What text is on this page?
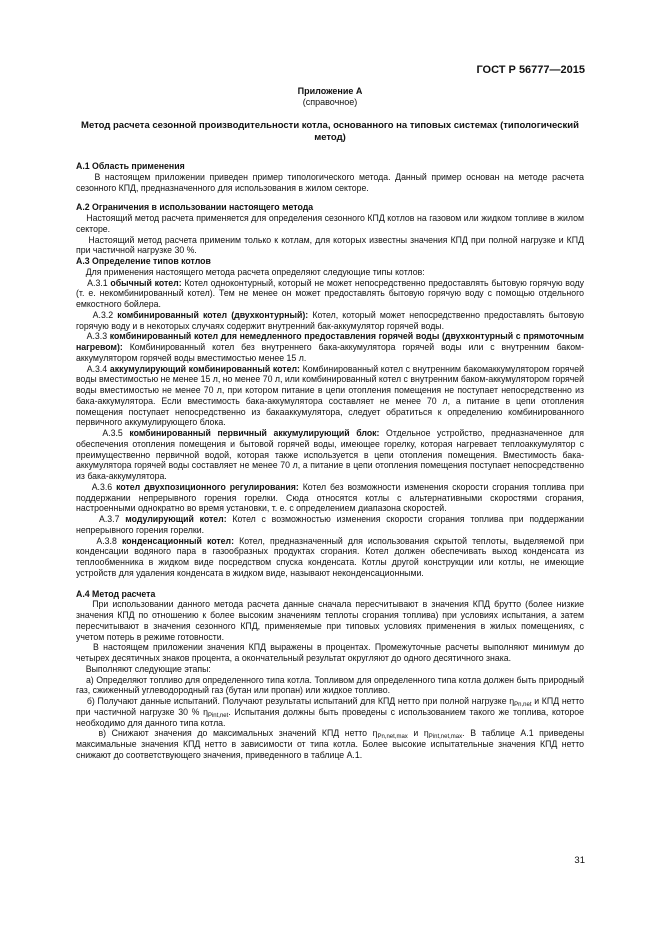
ГОСТ Р 56777—2015

Приложение А

(справочное)

Метод расчета сезонной производительности котла, основанного на типовых системах (типологический метод)

А.1 Область применения

В настоящем приложении приведен пример типологического метода. Данный пример основан на методе расчета сезонного КПД, предназначенного для использования в жилом секторе.

А.2 Ограничения в использовании настоящего метода

Настоящий метод расчета применяется для определения сезонного КПД котлов на газовом или жидком топливе в жилом секторе.

Настоящий метод расчета применим только к котлам, для которых известны значения КПД при полной нагрузке и КПД при частичной нагрузке 30 %.

А.3 Определение типов котлов

Для применения настоящего метода расчета определяют следующие типы котлов:

А.3.1 обычный котел: Котел одноконтурный, который не может непосредственно предоставлять бытовую горячую воду (т. е. некомбинированный котел). Тем не менее он может предоставлять бытовую горячую воду с помощью отдельного емкостного бойлера.

А.3.2 комбинированный котел (двухконтурный): Котел, который может непосредственно предоставлять бытовую горячую воду и в некоторых случаях содержит внутренний бак-аккумулятор горячей воды.

А.3.3 комбинированный котел для немедленного предоставления горячей воды (двухконтурный с прямоточным нагревом): Комбинированный котел без внутреннего бака-аккумулятора горячей воды или с внутренним баком-аккумулятором горячей воды вместимостью менее 15 л.

А.3.4 аккумулирующий комбинированный котел: Комбинированный котел с внутренним бакомаккумулятором горячей воды вместимостью не менее 15 л, но менее 70 л, или комбинированный котел с внутренним баком-аккумулятором горячей воды вместимостью не менее 70 л, при котором питание в цепи отопления помещения не поступает непосредственно из бака-аккумулятора. Если вместимость бака-аккумулятора составляет не менее 70 л, а питание в цепи отопления помещения поступает непосредственно из бакааккумулятора, следует обратиться к определению комбинированного первичного аккумулирующего блока.

А.3.5 комбинированный первичный аккумулирующий блок: Отдельное устройство, предназначенное для обеспечения отопления помещения и бытовой горячей воды, имеющее горелку, которая нагревает теплоаккумулятор с преимущественно первичной водой, которая также используется в цепи отопления помещения. Вместимость бака-аккумулятора горячей воды составляет не менее 70 л, а питание в цепи отопления помещения поступает непосредственно из бака-аккумулятора.

А.3.6 котел двухпозиционного регулирования: Котел без возможности изменения скорости сгорания топлива при поддержании непрерывного горения горелки. Сюда относятся котлы с альтернативными скоростями сгорания, настроенными однократно во время установки, т. е. с определением диапазона скоростей.

А.3.7 модулирующий котел: Котел с возможностью изменения скорости сгорания топлива при поддержании непрерывного горения горелки.

А.3.8 конденсационный котел: Котел, предназначенный для использования скрытой теплоты, выделяемой при конденсации водяного пара в газообразных продуктах сгорания. Котел должен обеспечивать выход конденсата из теплообменника в жидком виде посредством спуска конденсата. Котлы другой конструкции или котлы, не имеющие устройств для удаления конденсата в жидком виде, называют неконденсационными.

А.4 Метод расчета

При использовании данного метода расчета данные сначала пересчитывают в значения КПД брутто (более низкие значения КПД по отношению к более высоким значениям теплоты сгорания топлива) при условиях испытания, а затем пересчитывают в значения сезонного КПД, применяемые при типовых условиях применения в жилых помещениях, с учетом потерь в режиме готовности.

В настоящем приложении значения КПД выражены в процентах. Промежуточные расчеты выполняют минимум до четырех десятичных знаков процента, а окончательный результат округляют до одного десятичного знака.

Выполняют следующие этапы:

а) Определяют топливо для определенного типа котла. Топливом для определенного типа котла должен быть природный газ, сжиженный углеводородный газ (бутан или пропан) или жидкое топливо.

б) Получают данные испытаний. Получают результаты испытаний для КПД нетто при полной нагрузке $\eta_{Pn,net}$ и КПД нетто при частичной нагрузке 30 % $\eta_{Pint,net}$. Испытания должны быть проведены с использованием такого же топлива, которое необходимо для данного типа котла.

в) Снижают значения до максимальных значений КПД нетто $\eta_{Pn,net,max}$ и $\eta_{Pint,net,max}$. В таблице А.1 приведены максимальные значения КПД нетто в зависимости от типа котла. Более высокие испытательные значения КПД нетто снижают до соответствующего значения, приведенного в таблице А.1.

31
